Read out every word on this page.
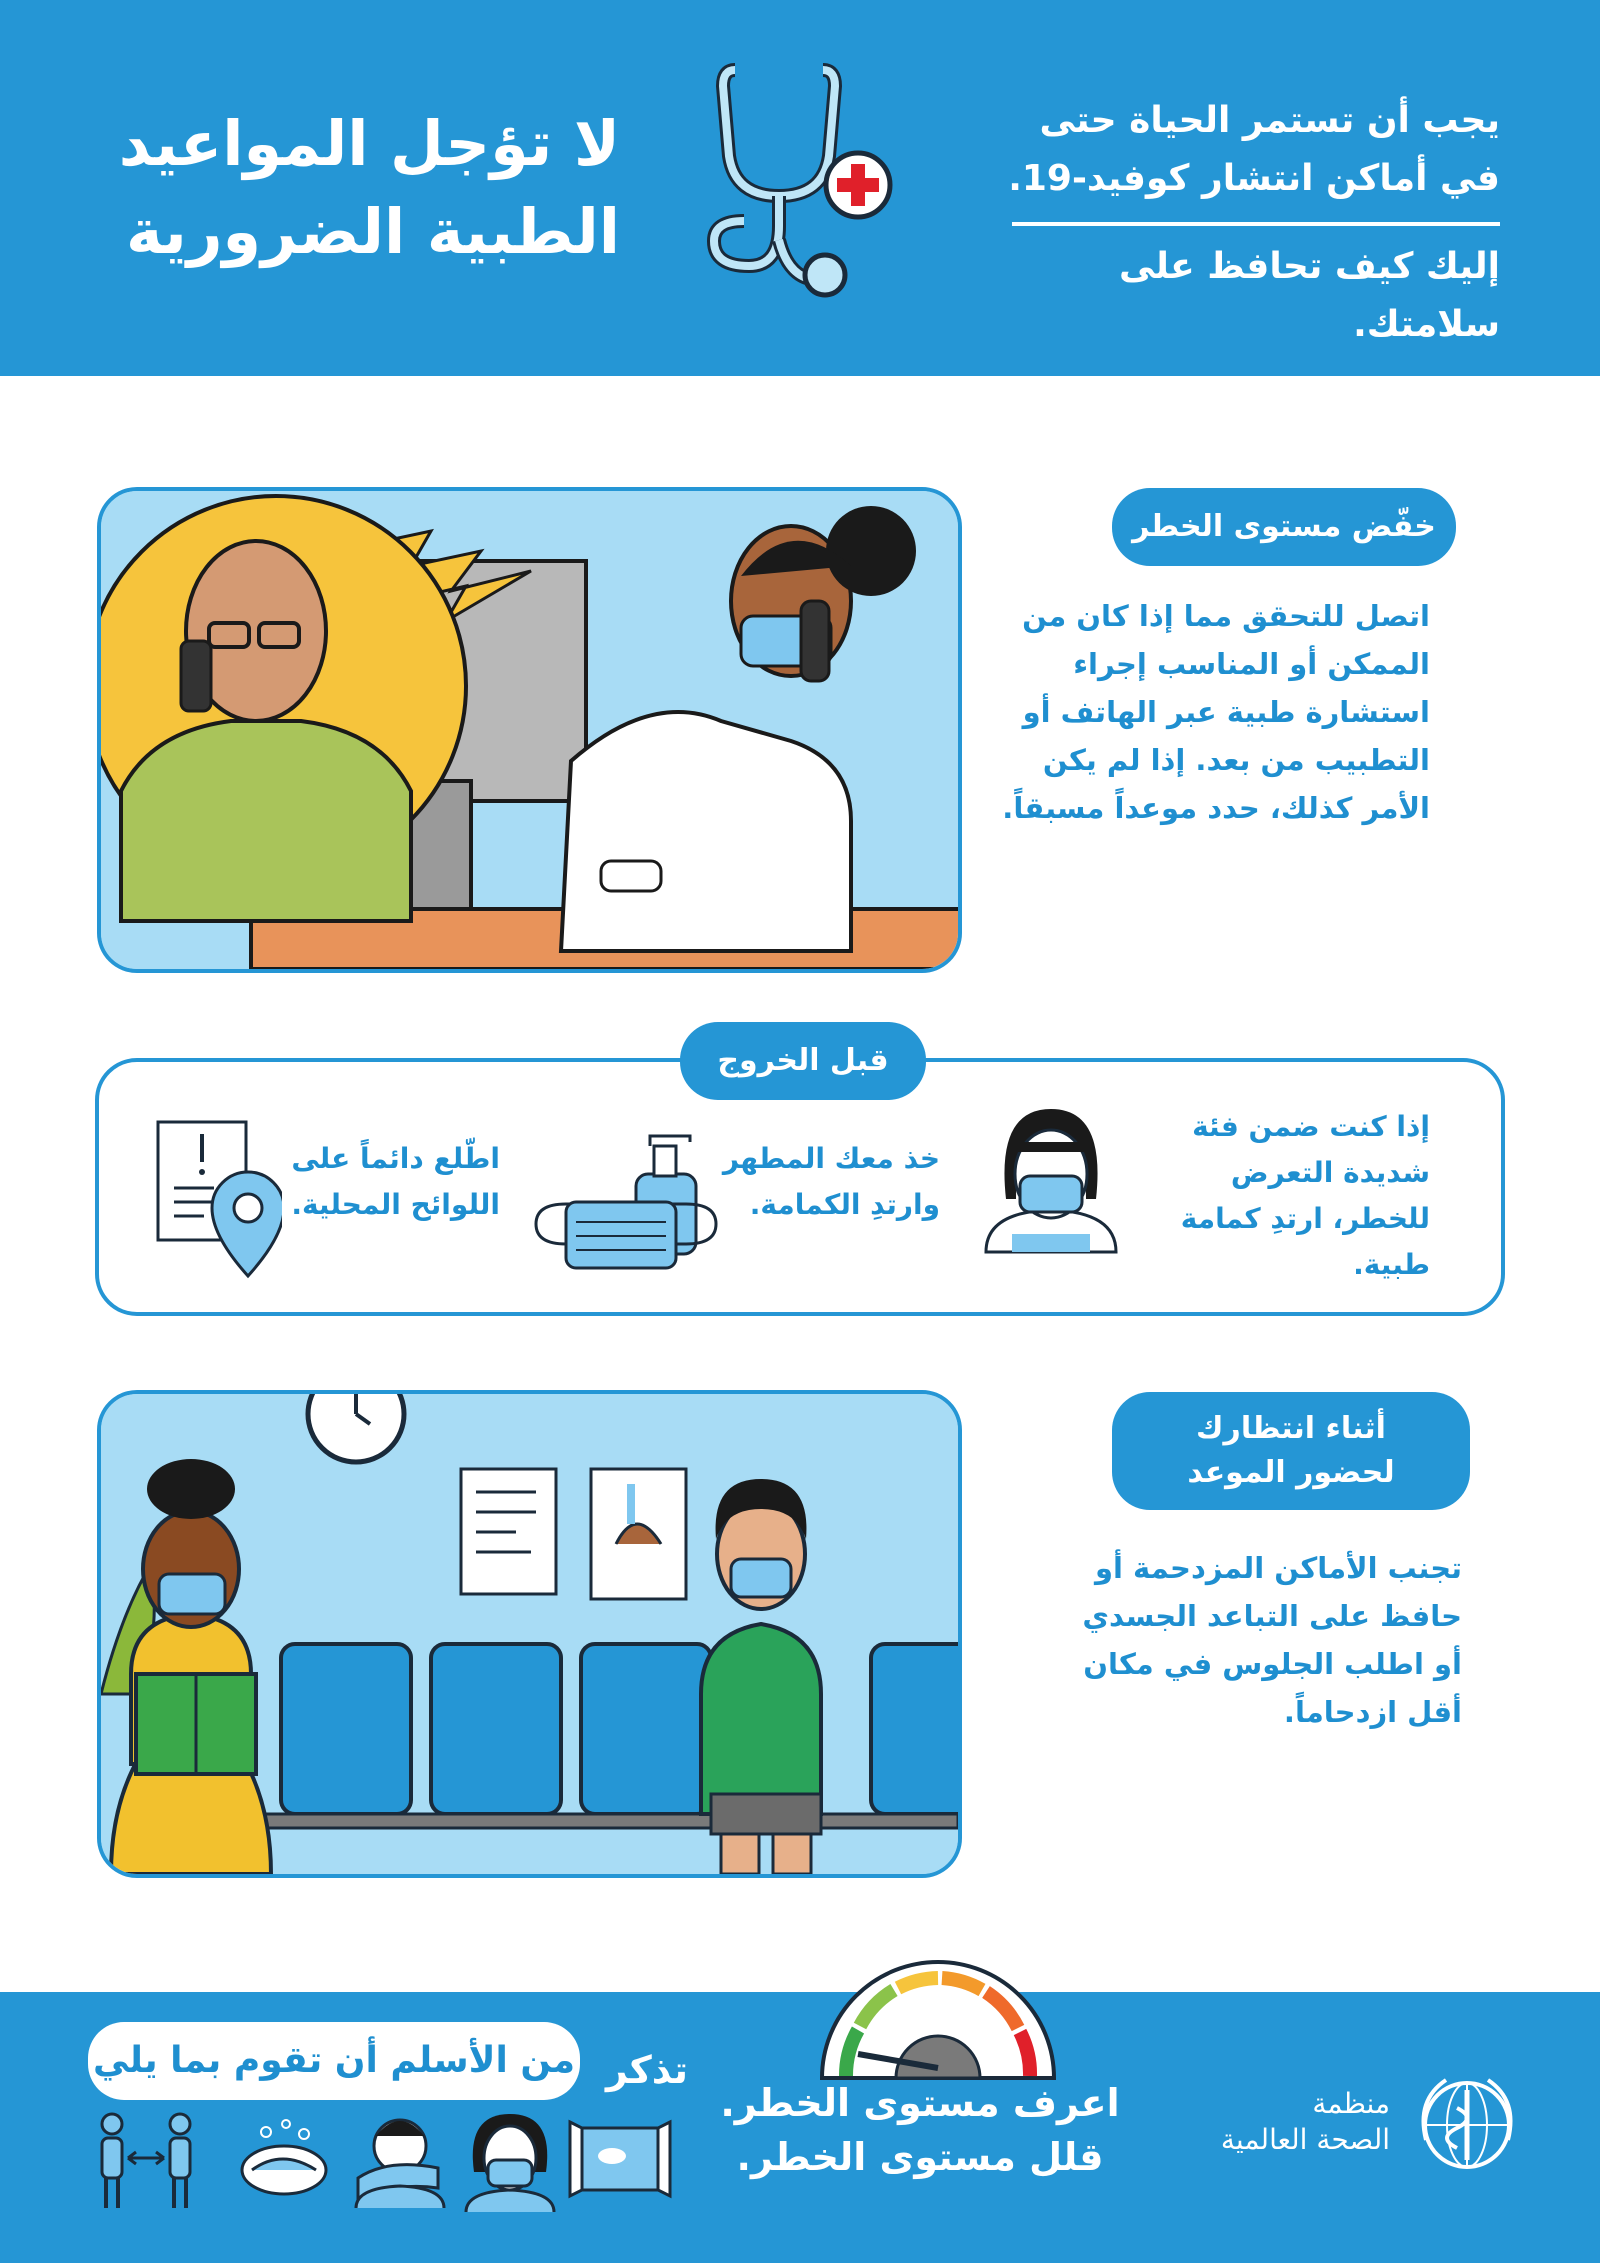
لا تؤجل المواعيد
الطبية الضرورية
يجب أن تستمر الحياة حتى
في أماكن انتشار كوفيد-19.
إليك كيف تحافظ على سلامتك.
خفّض مستوى الخطر
اتصل للتحقق مما إذا كان من الممكن أو المناسب إجراء استشارة طبية عبر الهاتف أو التطبيب من بعد. إذا لم يكن الأمر كذلك، حدد موعداً مسبقاً.
قبل الخروج
إذا كنت ضمن فئة شديدة التعرض للخطر، ارتدِ كمامة طبية.
خذ معك المطهر وارتدِ الكمامة.
اطّلع دائماً على اللوائح المحلية.
أثناء انتظارك
لحضور الموعد
تجنب الأماكن المزدحمة أو حافظ على التباعد الجسدي أو اطلب الجلوس في مكان أقل ازدحاماً.
تذكر
من الأسلم أن تقوم بما يلي
اعرف مستوى الخطر.
قلل مستوى الخطر.
منظمة
الصحة العالمية
